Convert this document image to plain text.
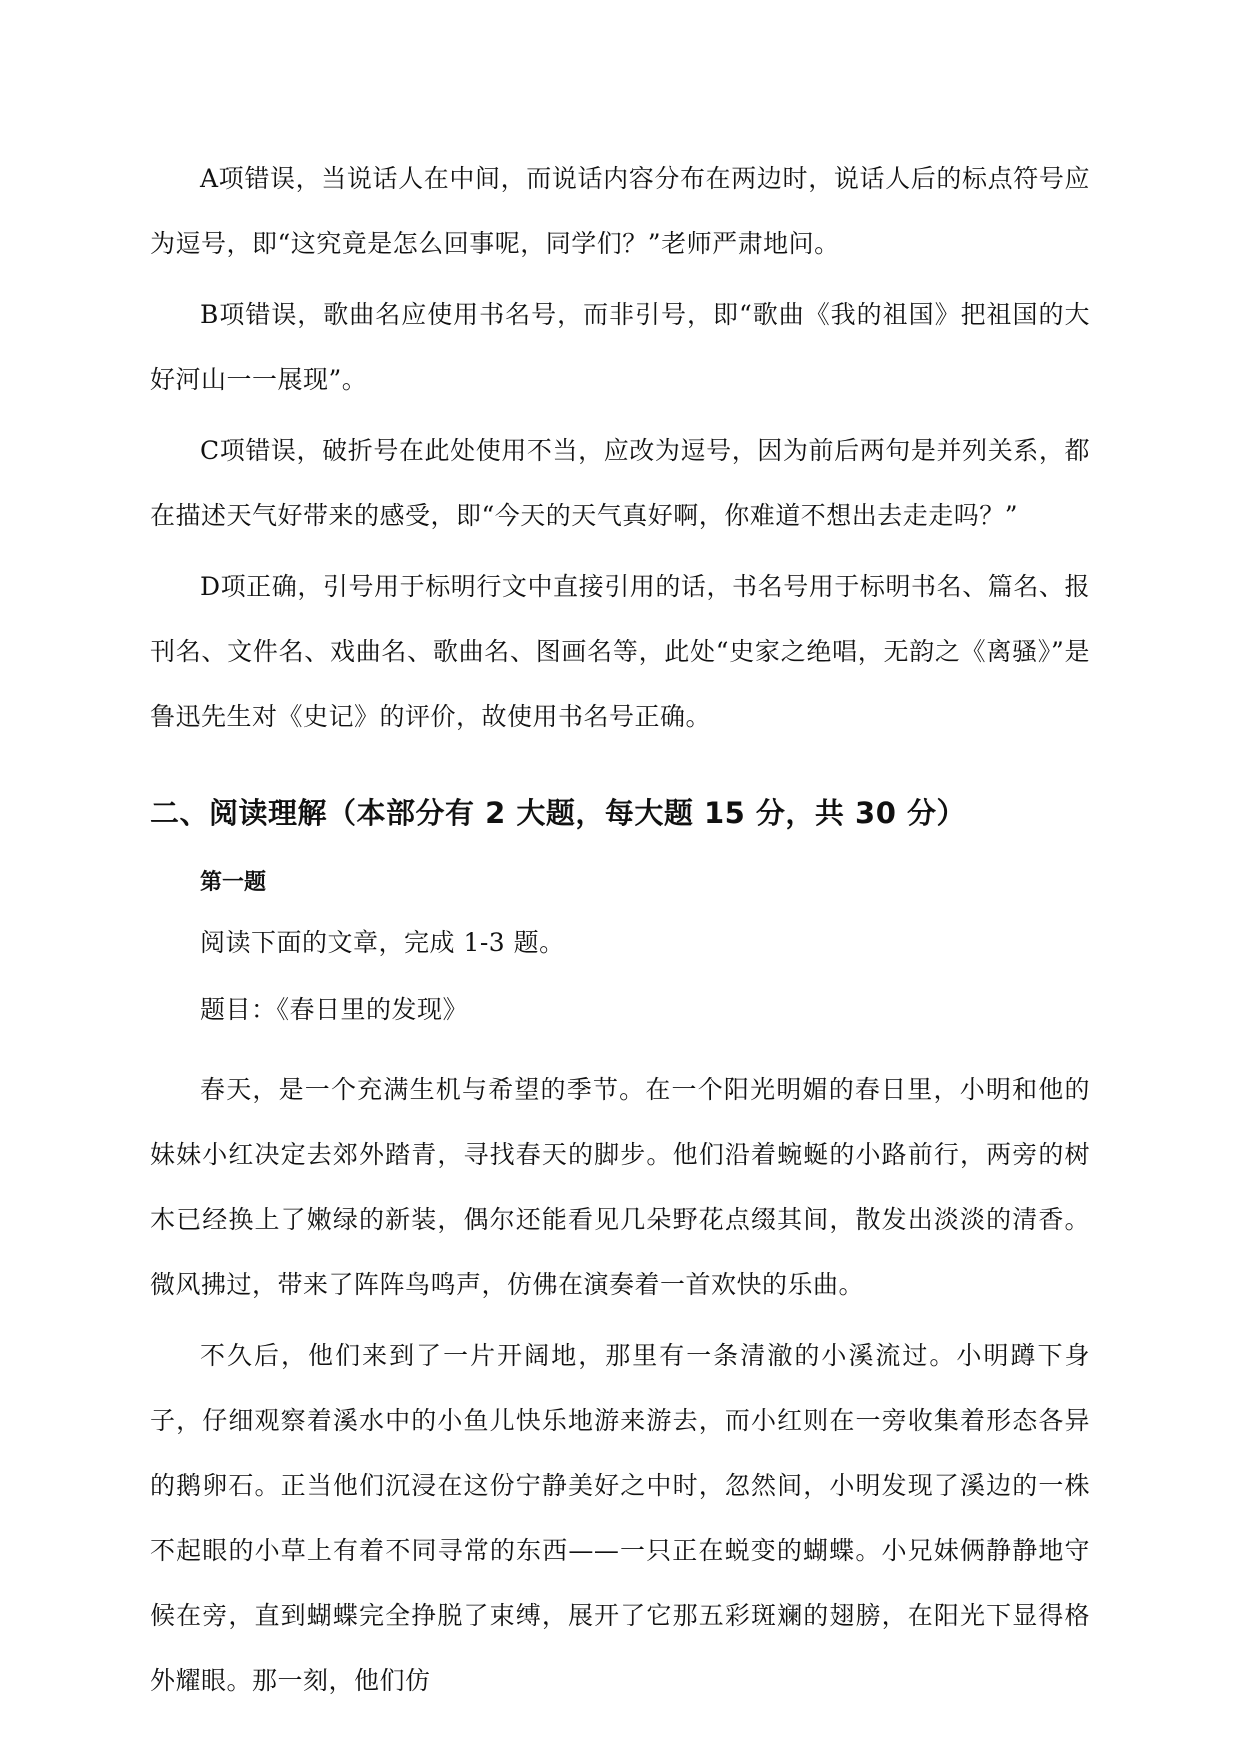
A项错误，当说话人在中间，而说话内容分布在两边时，说话人后的标点符号应为逗号，即“这究竟是怎么回事呢，同学们？”老师严肃地问。

B项错误，歌曲名应使用书名号，而非引号，即“歌曲《我的祖国》把祖国的大好河山一一展现”。

C项错误，破折号在此处使用不当，应改为逗号，因为前后两句是并列关系，都在描述天气好带来的感受，即“今天的天气真好啊，你难道不想出去走走吗？”

D项正确，引号用于标明行文中直接引用的话，书名号用于标明书名、篇名、报刊名、文件名、戏曲名、歌曲名、图画名等，此处“史家之绝唱，无韵之《离骚》”是鲁迅先生对《史记》的评价，故使用书名号正确。

二、阅读理解（本部分有 2 大题，每大题 15 分，共 30 分）
第一题
阅读下面的文章，完成 1-3 题。
题目：《春日里的发现》

春天，是一个充满生机与希望的季节。在一个阳光明媚的春日里，小明和他的妹妹小红决定去郊外踏青，寻找春天的脚步。他们沿着蜿蜒的小路前行，两旁的树木已经换上了嫩绿的新装，偶尔还能看见几朵野花点缀其间，散发出淡淡的清香。微风拂过，带来了阵阵鸟鸣声，仿佛在演奏着一首欢快的乐曲。

不久后，他们来到了一片开阔地，那里有一条清澈的小溪流过。小明蹲下身子，仔细观察着溪水中的小鱼儿快乐地游来游去，而小红则在一旁收集着形态各异的鹅卵石。正当他们沉浸在这份宁静美好之中时，忽然间，小明发现了溪边的一株不起眼的小草上有着不同寻常的东西——一只正在蜕变的蝴蝶。小兄妹俩静静地守候在旁，直到蝴蝶完全挣脱了束缚，展开了它那五彩斑斓的翅膀，在阳光下显得格外耀眼。那一刻，他们仿
